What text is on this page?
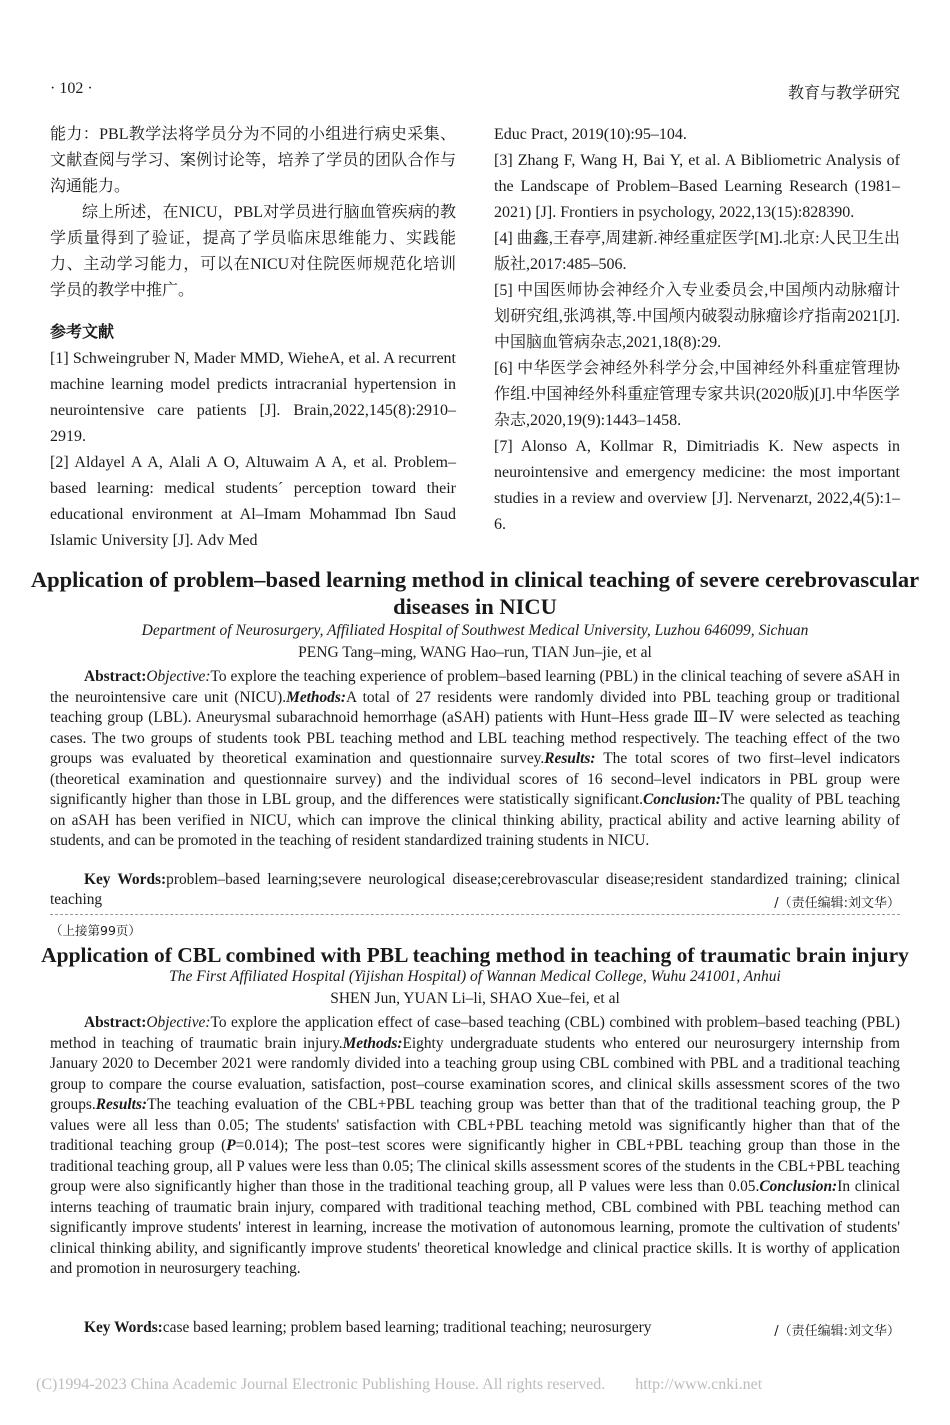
· 102 ·	教育与教学研究

能力：PBL教学法将学员分为不同的小组进行病史采集、文献查阅与学习、案例讨论等，培养了学员的团队合作与沟通能力。

综上所述，在NICU，PBL对学员进行脑血管疾病的教学质量得到了验证，提高了学员临床思维能力、实践能力、主动学习能力，可以在NICU对住院医师规范化培训学员的教学中推广。

参考文献

[1] Schweingruber N, Mader MMD, WieheA, et al. A recurrent machine learning model predicts intracranial hypertension in neurointensive care patients [J]. Brain,2022,145(8):2910–2919.

[2] Aldayel A A, Alali A O, Altuwaim A A, et al. Problem–based learning: medical students´ perception toward their educational environment at Al–Imam Mohammad Ibn Saud Islamic University [J]. Adv Med

Educ Pract, 2019(10):95–104.

[3] Zhang F, Wang H, Bai Y, et al. A Bibliometric Analysis of the Landscape of Problem–Based Learning Research (1981–2021) [J]. Frontiers in psychology, 2022,13(15):828390.

[4] 曲鑫,王春亭,周建新.神经重症医学[M].北京:人民卫生出版社,2017:485–506.

[5] 中国医师协会神经介入专业委员会,中国颅内动脉瘤计划研究组,张鸿祺,等.中国颅内破裂动脉瘤诊疗指南2021[J].中国脑血管病杂志,2021,18(8):29.

[6] 中华医学会神经外科学分会,中国神经外科重症管理协作组.中国神经外科重症管理专家共识(2020版)[J].中华医学杂志,2020,19(9):1443–1458.

[7] Alonso A, Kollmar R, Dimitriadis K. New aspects in neurointensive and emergency medicine: the most important studies in a review and overview [J]. Nervenarzt, 2022,4(5):1–6.

Application of problem–based learning method in clinical teaching of severe cerebrovascular diseases in NICU
Department of Neurosurgery, Affiliated Hospital of Southwest Medical University, Luzhou 646099, Sichuan
PENG Tang–ming, WANG Hao–run, TIAN Jun–jie, et al
Abstract:Objective:To explore the teaching experience of problem–based learning (PBL) in the clinical teaching of severe aSAH in the neurointensive care unit (NICU).Methods:A total of 27 residents were randomly divided into PBL teaching group or traditional teaching group (LBL). Aneurysmal subarachnoid hemorrhage (aSAH) patients with Hunt–Hess grade Ⅲ–Ⅳ were selected as teaching cases. The two groups of students took PBL teaching method and LBL teaching method respectively. The teaching effect of the two groups was evaluated by theoretical examination and questionnaire survey.Results: The total scores of two first–level indicators (theoretical examination and questionnaire survey) and the individual scores of 16 second–level indicators in PBL group were significantly higher than those in LBL group, and the differences were statistically significant.Conclusion:The quality of PBL teaching on aSAH has been verified in NICU, which can improve the clinical thinking ability, practical ability and active learning ability of students, and can be promoted in the teaching of resident standardized training students in NICU.
Key Words:problem–based learning;severe neurological disease;cerebrovascular disease;resident standardized training; clinical teaching	/（责任编辑:刘文华）
（上接第99页）
Application of CBL combined with PBL teaching method in teaching of traumatic brain injury
The First Affiliated Hospital (Yijishan Hospital) of Wannan Medical College, Wuhu 241001, Anhui
SHEN Jun, YUAN Li–li, SHAO Xue–fei, et al
Abstract:Objective:To explore the application effect of case–based teaching (CBL) combined with problem–based teaching (PBL) method in teaching of traumatic brain injury.Methods:Eighty undergraduate students who entered our neurosurgery internship from January 2020 to December 2021 were randomly divided into a teaching group using CBL combined with PBL and a traditional teaching group to compare the course evaluation, satisfaction, post–course examination scores, and clinical skills assessment scores of the two groups.Results:The teaching evaluation of the CBL+PBL teaching group was better than that of the traditional teaching group, the P values were all less than 0.05; The students' satisfaction with CBL+PBL teaching metold was significantly higher than that of the traditional teaching group (P=0.014); The post–test scores were significantly higher in CBL+PBL teaching group than those in the traditional teaching group, all P values were less than 0.05; The clinical skills assessment scores of the students in the CBL+PBL teaching group were also significantly higher than those in the traditional teaching group, all P values were less than 0.05.Conclusion:In clinical interns teaching of traumatic brain injury, compared with traditional teaching method, CBL combined with PBL teaching method can significantly improve students' interest in learning, increase the motivation of autonomous learning, promote the cultivation of students' clinical thinking ability, and significantly improve students' theoretical knowledge and clinical practice skills. It is worthy of application and promotion in neurosurgery teaching.
Key Words:case based learning; problem based learning; traditional teaching; neurosurgery	/（责任编辑:刘文华）
(C)1994-2023 China Academic Journal Electronic Publishing House. All rights reserved. http://www.cnki.net
